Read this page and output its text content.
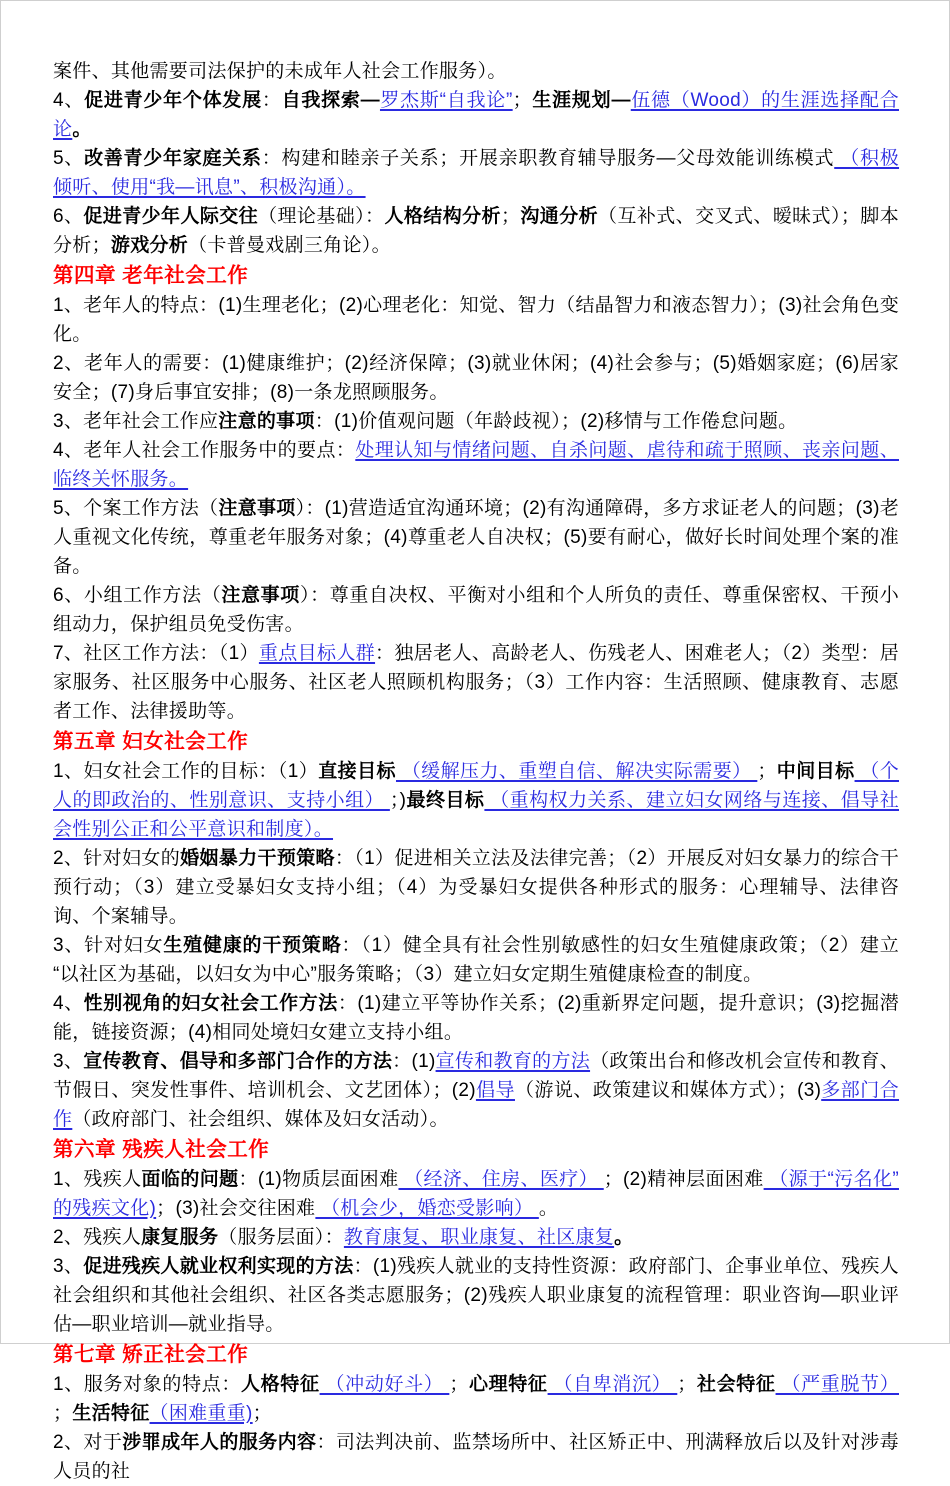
案件、其他需要司法保护的未成年人社会工作服务）。

4、促进青少年个体发展：自我探索—罗杰斯“自我论”；生涯规划—伍德（Wood）的生涯选择配合论。

5、改善青少年家庭关系：构建和睦亲子关系；开展亲职教育辅导服务—父母效能训练模式 （积极倾听、使用“我—讯息”、积极沟通）。

6、促进青少年人际交往（理论基础）：人格结构分析；沟通分析（互补式、交叉式、暧昧式）；脚本分析；游戏分析（卡普曼戏剧三角论）。

第四章 老年社会工作

1、老年人的特点：(1)生理老化；(2)心理老化：知觉、智力（结晶智力和液态智力）；(3)社会角色变化。

2、老年人的需要：(1)健康维护；(2)经济保障；(3)就业休闲；(4)社会参与；(5)婚姻家庭；(6)居家安全；(7)身后事宜安排；(8)一条龙照顾服务。

3、老年社会工作应注意的事项：(1)价值观问题（年龄歧视）；(2)移情与工作倦怠问题。

4、老年人社会工作服务中的要点：处理认知与情绪问题、自杀问题、虐待和疏于照顾、丧亲问题、临终关怀服务。

5、个案工作方法（注意事项）：(1)营造适宜沟通环境；(2)有沟通障碍，多方求证老人的问题；(3)老人重视文化传统，尊重老年服务对象；(4)尊重老人自决权；(5)要有耐心，做好长时间处理个案的准备。

6、小组工作方法（注意事项）：尊重自决权、平衡对小组和个人所负的责任、尊重保密权、干预小组动力，保护组员免受伤害。

7、社区工作方法：（1）重点目标人群：独居老人、高龄老人、伤残老人、困难老人；（2）类型：居家服务、社区服务中心服务、社区老人照顾机构服务；（3）工作内容：生活照顾、健康教育、志愿者工作、法律援助等。

第五章 妇女社会工作

1、妇女社会工作的目标：（1）直接目标 （缓解压力、重塑自信、解决实际需要） ；中间目标 （个人的即政治的、性别意识、支持小组） ；)最终目标 （重构权力关系、建立妇女网络与连接、倡导社会性别公正和公平意识和制度）。

2、针对妇女的婚姻暴力干预策略：（1）促进相关立法及法律完善；（2）开展反对妇女暴力的综合干预行动；（3）建立受暴妇女支持小组；（4）为受暴妇女提供各种形式的服务：心理辅导、法律咨询、个案辅导。

3、针对妇女生殖健康的干预策略：（1）健全具有社会性别敏感性的妇女生殖健康政策；（2）建立“以社区为基础，以妇女为中心”服务策略；（3）建立妇女定期生殖健康检查的制度。

4、性别视角的妇女社会工作方法：(1)建立平等协作关系；(2)重新界定问题，提升意识；(3)挖掘潜能，链接资源；(4)相同处境妇女建立支持小组。

3、宣传教育、倡导和多部门合作的方法：(1)宣传和教育的方法（政策出台和修改机会宣传和教育、节假日、突发性事件、培训机会、文艺团体）；(2)倡导（游说、政策建议和媒体方式）；(3)多部门合作（政府部门、社会组织、媒体及妇女活动）。

第六章 残疾人社会工作

1、残疾人面临的问题：(1)物质层面困难 （经济、住房、医疗） ；(2)精神层面困难 （源于“污名化”的残疾文化)；(3)社会交往困难 （机会少，婚恋受影响） 。

2、残疾人康复服务（服务层面）：教育康复、职业康复、社区康复。

3、促进残疾人就业权利实现的方法：(1)残疾人就业的支持性资源：政府部门、企事业单位、残疾人社会组织和其他社会组织、社区各类志愿服务；(2)残疾人职业康复的流程管理：职业咨询—职业评估—职业培训—就业指导。

第七章 矫正社会工作

1、服务对象的特点：人格特征 （冲动好斗） ；心理特征 （自卑消沉） ；社会特征 （严重脱节） ；生活特征（困难重重)；

2、对于涉罪成年人的服务内容：司法判决前、监禁场所中、社区矫正中、刑满释放后以及针对涉毒人员的社
